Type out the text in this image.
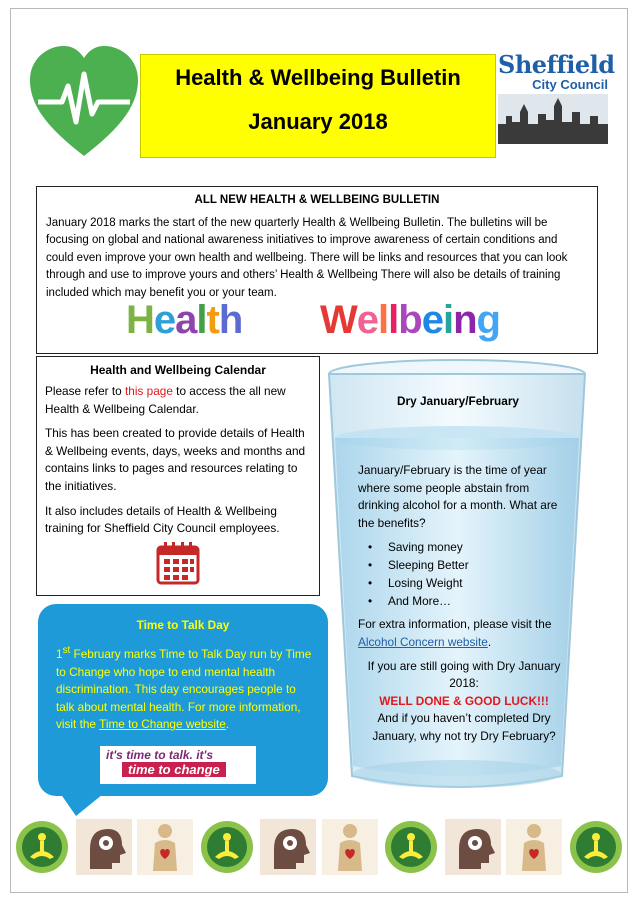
Health & Wellbeing Bulletin
January 2018
Sheffield
City Council
ALL NEW HEALTH & WELLBEING BULLETIN

January 2018 marks the start of the new quarterly Health & Wellbeing Bulletin. The bulletins will be focusing on global and national awareness initiatives to improve awareness of certain conditions and could even improve your own health and wellbeing. There will be links and resources that you can look through and use to improve yours and others’ Health & Wellbeing There will also be details of training included which may benefit you or your team.

Health Wellbeing
Health and Wellbeing Calendar

Please refer to this page to access the all new Health & Wellbeing Calendar.

This has been created to provide details of Health & Wellbeing events, days, weeks and months and contains links to pages and resources relating to the initiatives.

It also includes details of Health & Wellbeing training for Sheffield City Council employees.

Dry January/February
January/February is the time of year where some people abstain from drinking alcohol for a month. What are the benefits?
• Saving money
• Sleeping Better
• Losing Weight
• And More…
For extra information, please visit the Alcohol Concern website.
If you are still going with Dry January 2018:
WELL DONE & GOOD LUCK!!!
And if you haven’t completed Dry January, why not try Dry February?
Time to Talk Day
1st February marks Time to Talk Day run by Time to Change who hope to end mental health discrimination. This day encourages people to talk about mental health. For more information, visit the Time to Change website.
it's time to talk. it's
time to change
